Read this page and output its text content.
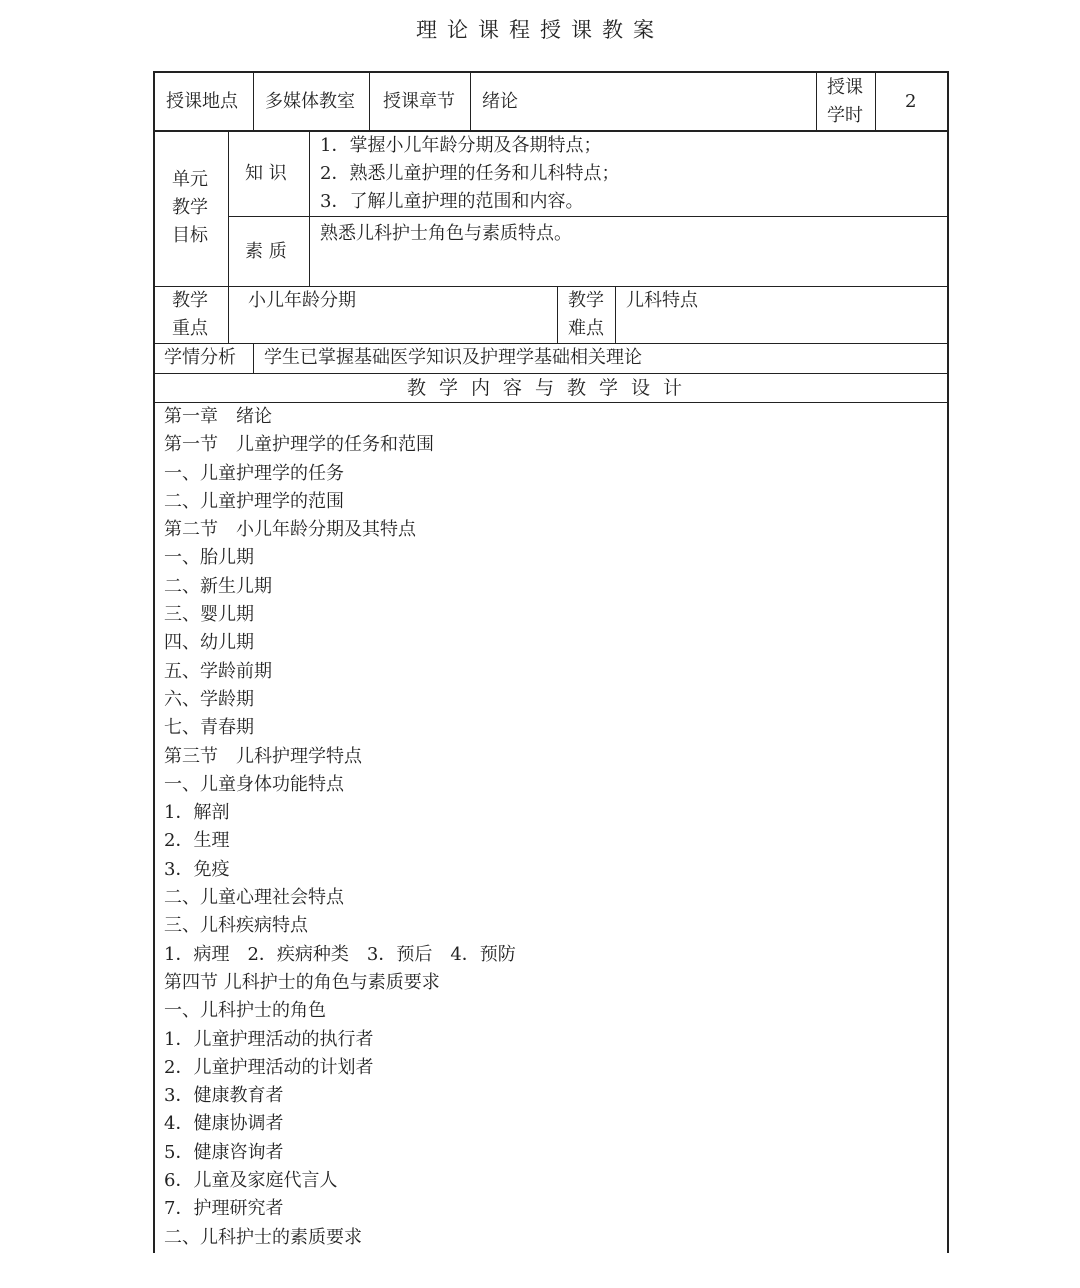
理论课程授课教案
授课地点 多媒体教室 授课章节 绪论
授课
学时
2
单元
教学
目标
知 识
1．掌握小儿年龄分期及各期特点；
2．熟悉儿童护理的任务和儿科特点；
3．了解儿童护理的范围和内容。
素 质
熟悉儿科护士角色与素质特点。
教学
重点
小儿年龄分期	教学
难点
儿科特点
学情分析 学生已掌握基础医学知识及护理学基础相关理论
教学内容与教学设计
第一章　绪论
第一节　儿童护理学的任务和范围
一、儿童护理学的任务
二、儿童护理学的范围
第二节　小儿年龄分期及其特点
一、胎儿期
二、新生儿期
三、婴儿期
四、幼儿期
五、学龄前期
六、学龄期
七、青春期
第三节　儿科护理学特点
一、儿童身体功能特点
1．解剖
2．生理
3．免疫
二、儿童心理社会特点
三、儿科疾病特点
1．病理　2．疾病种类　3．预后　4．预防
第四节 儿科护士的角色与素质要求
一、儿科护士的角色
1．儿童护理活动的执行者
2．儿童护理活动的计划者
3．健康教育者
4．健康协调者
5．健康咨询者
6．儿童及家庭代言人
7．护理研究者
二、儿科护士的素质要求
